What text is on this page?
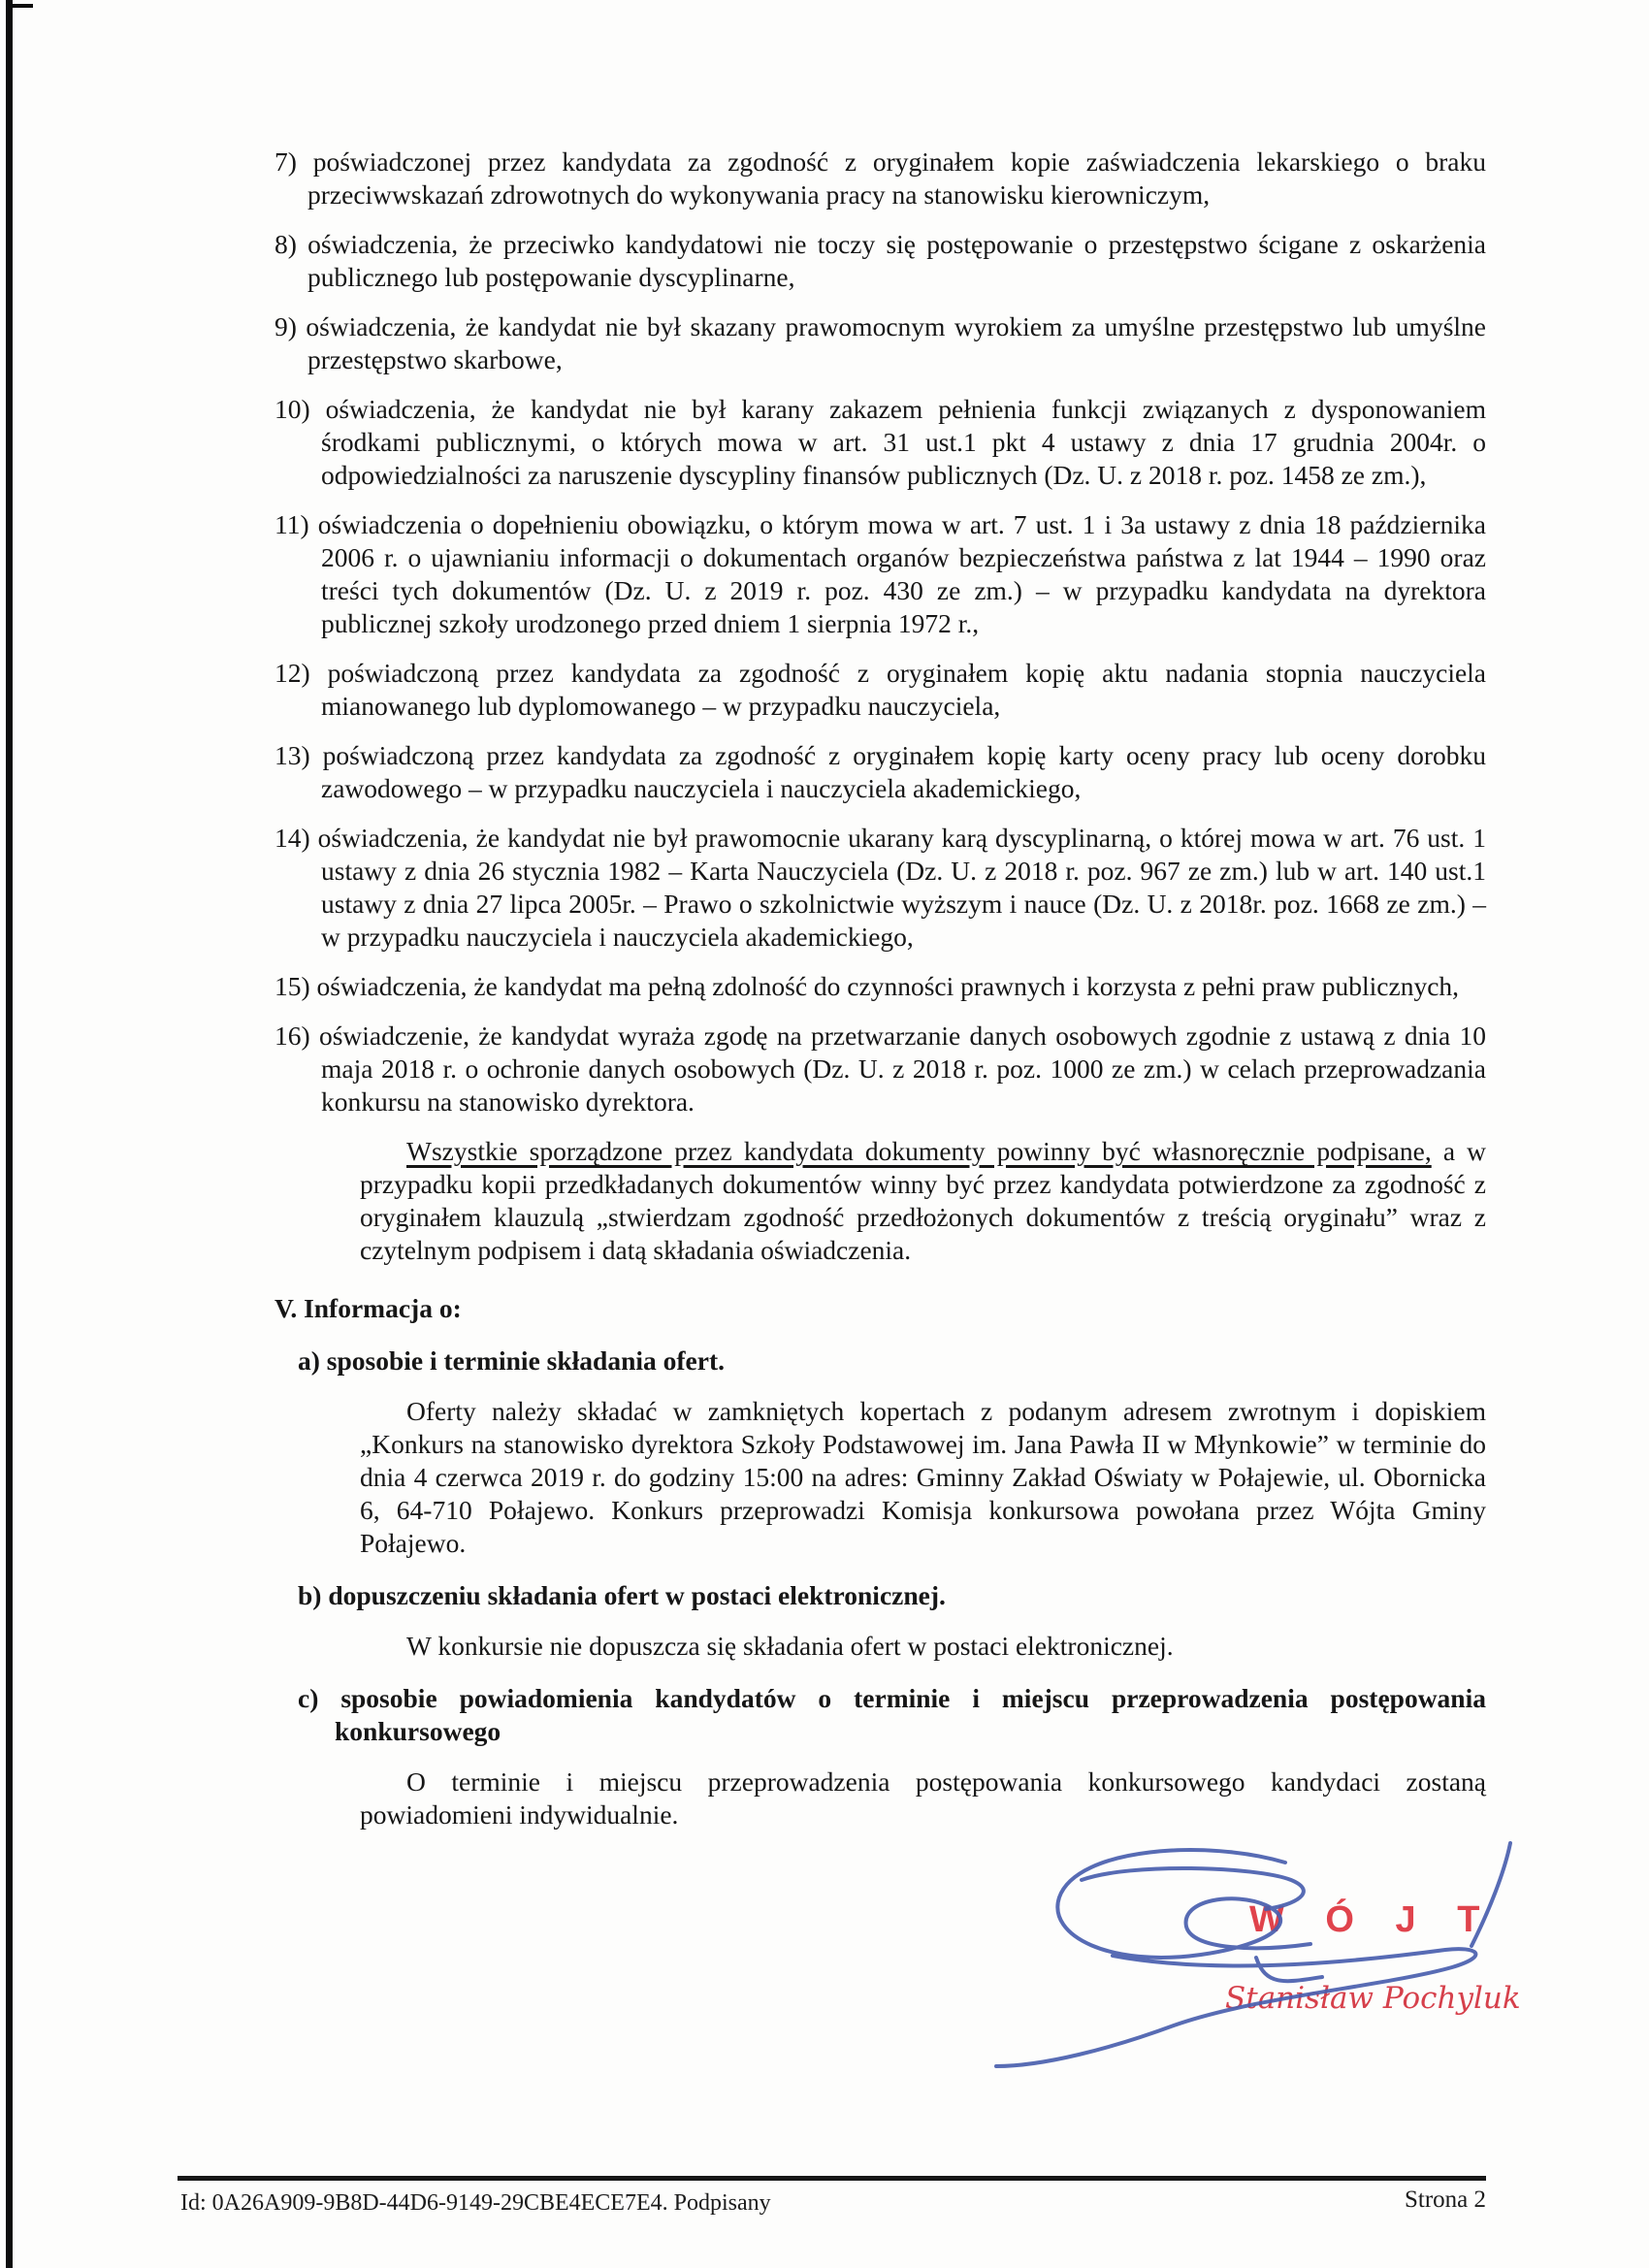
7) poświadczonej przez kandydata za zgodność z oryginałem kopie zaświadczenia lekarskiego o braku przeciwwskazań zdrowotnych do wykonywania pracy na stanowisku kierowniczym,
8) oświadczenia, że przeciwko kandydatowi nie toczy się postępowanie o przestępstwo ścigane z oskarżenia publicznego lub postępowanie dyscyplinarne,
9) oświadczenia, że kandydat nie był skazany prawomocnym wyrokiem za umyślne przestępstwo lub umyślne przestępstwo skarbowe,
10) oświadczenia, że kandydat nie był karany zakazem pełnienia funkcji związanych z dysponowaniem środkami publicznymi, o których mowa w art. 31 ust.1 pkt 4 ustawy z dnia 17 grudnia 2004r. o odpowiedzialności za naruszenie dyscypliny finansów publicznych (Dz. U. z 2018 r. poz. 1458 ze zm.),
11) oświadczenia o dopełnieniu obowiązku, o którym mowa w art. 7 ust. 1 i 3a ustawy z dnia 18 października 2006 r. o ujawnianiu informacji o dokumentach organów bezpieczeństwa państwa z lat 1944 – 1990 oraz treści tych dokumentów (Dz. U. z 2019 r. poz. 430 ze zm.) – w przypadku kandydata na dyrektora publicznej szkoły urodzonego przed dniem 1 sierpnia 1972 r.,
12) poświadczoną przez kandydata za zgodność z oryginałem kopię aktu nadania stopnia nauczyciela mianowanego lub dyplomowanego – w przypadku nauczyciela,
13) poświadczoną przez kandydata za zgodność z oryginałem kopię karty oceny pracy lub oceny dorobku zawodowego – w przypadku nauczyciela i nauczyciela akademickiego,
14) oświadczenia, że kandydat nie był prawomocnie ukarany karą dyscyplinarną, o której mowa w art. 76 ust. 1 ustawy z dnia 26 stycznia 1982 – Karta Nauczyciela (Dz. U. z 2018 r. poz. 967 ze zm.) lub w art. 140 ust.1 ustawy z dnia 27 lipca 2005r. – Prawo o szkolnictwie wyższym i nauce (Dz. U. z 2018r. poz. 1668 ze zm.) – w przypadku nauczyciela i nauczyciela akademickiego,
15) oświadczenia, że kandydat ma pełną zdolność do czynności prawnych i korzysta z pełni praw publicznych,
16) oświadczenie, że kandydat wyraża zgodę na przetwarzanie danych osobowych zgodnie z ustawą z dnia 10 maja 2018 r. o ochronie danych osobowych (Dz. U. z 2018 r. poz. 1000 ze zm.) w celach przeprowadzania konkursu na stanowisko dyrektora.

Wszystkie sporządzone przez kandydata dokumenty powinny być własnoręcznie podpisane, a w przypadku kopii przedkładanych dokumentów winny być przez kandydata potwierdzone za zgodność z oryginałem klauzulą „stwierdzam zgodność przedłożonych dokumentów z treścią oryginału” wraz z czytelnym podpisem i datą składania oświadczenia.

V. Informacja o:
a) sposobie i terminie składania ofert.

Oferty należy składać w zamkniętych kopertach z podanym adresem zwrotnym i dopiskiem „Konkurs na stanowisko dyrektora Szkoły Podstawowej im. Jana Pawła II w Młynkowie” w terminie do dnia 4 czerwca 2019 r. do godziny 15:00 na adres: Gminny Zakład Oświaty w Połajewie, ul. Obornicka 6, 64-710 Połajewo. Konkurs przeprowadzi Komisja konkursowa powołana przez Wójta Gminy Połajewo.

b) dopuszczeniu składania ofert w postaci elektronicznej.

W konkursie nie dopuszcza się składania ofert w postaci elektronicznej.

c) sposobie powiadomienia kandydatów o terminie i miejscu przeprowadzenia postępowania konkursowego

O terminie i miejscu przeprowadzenia postępowania konkursowego kandydaci zostaną powiadomieni indywidualnie.

W Ó J T
Stanisław Pochyluk
Id: 0A26A909-9B8D-44D6-9149-29CBE4ECE7E4. Podpisany	Strona 2
